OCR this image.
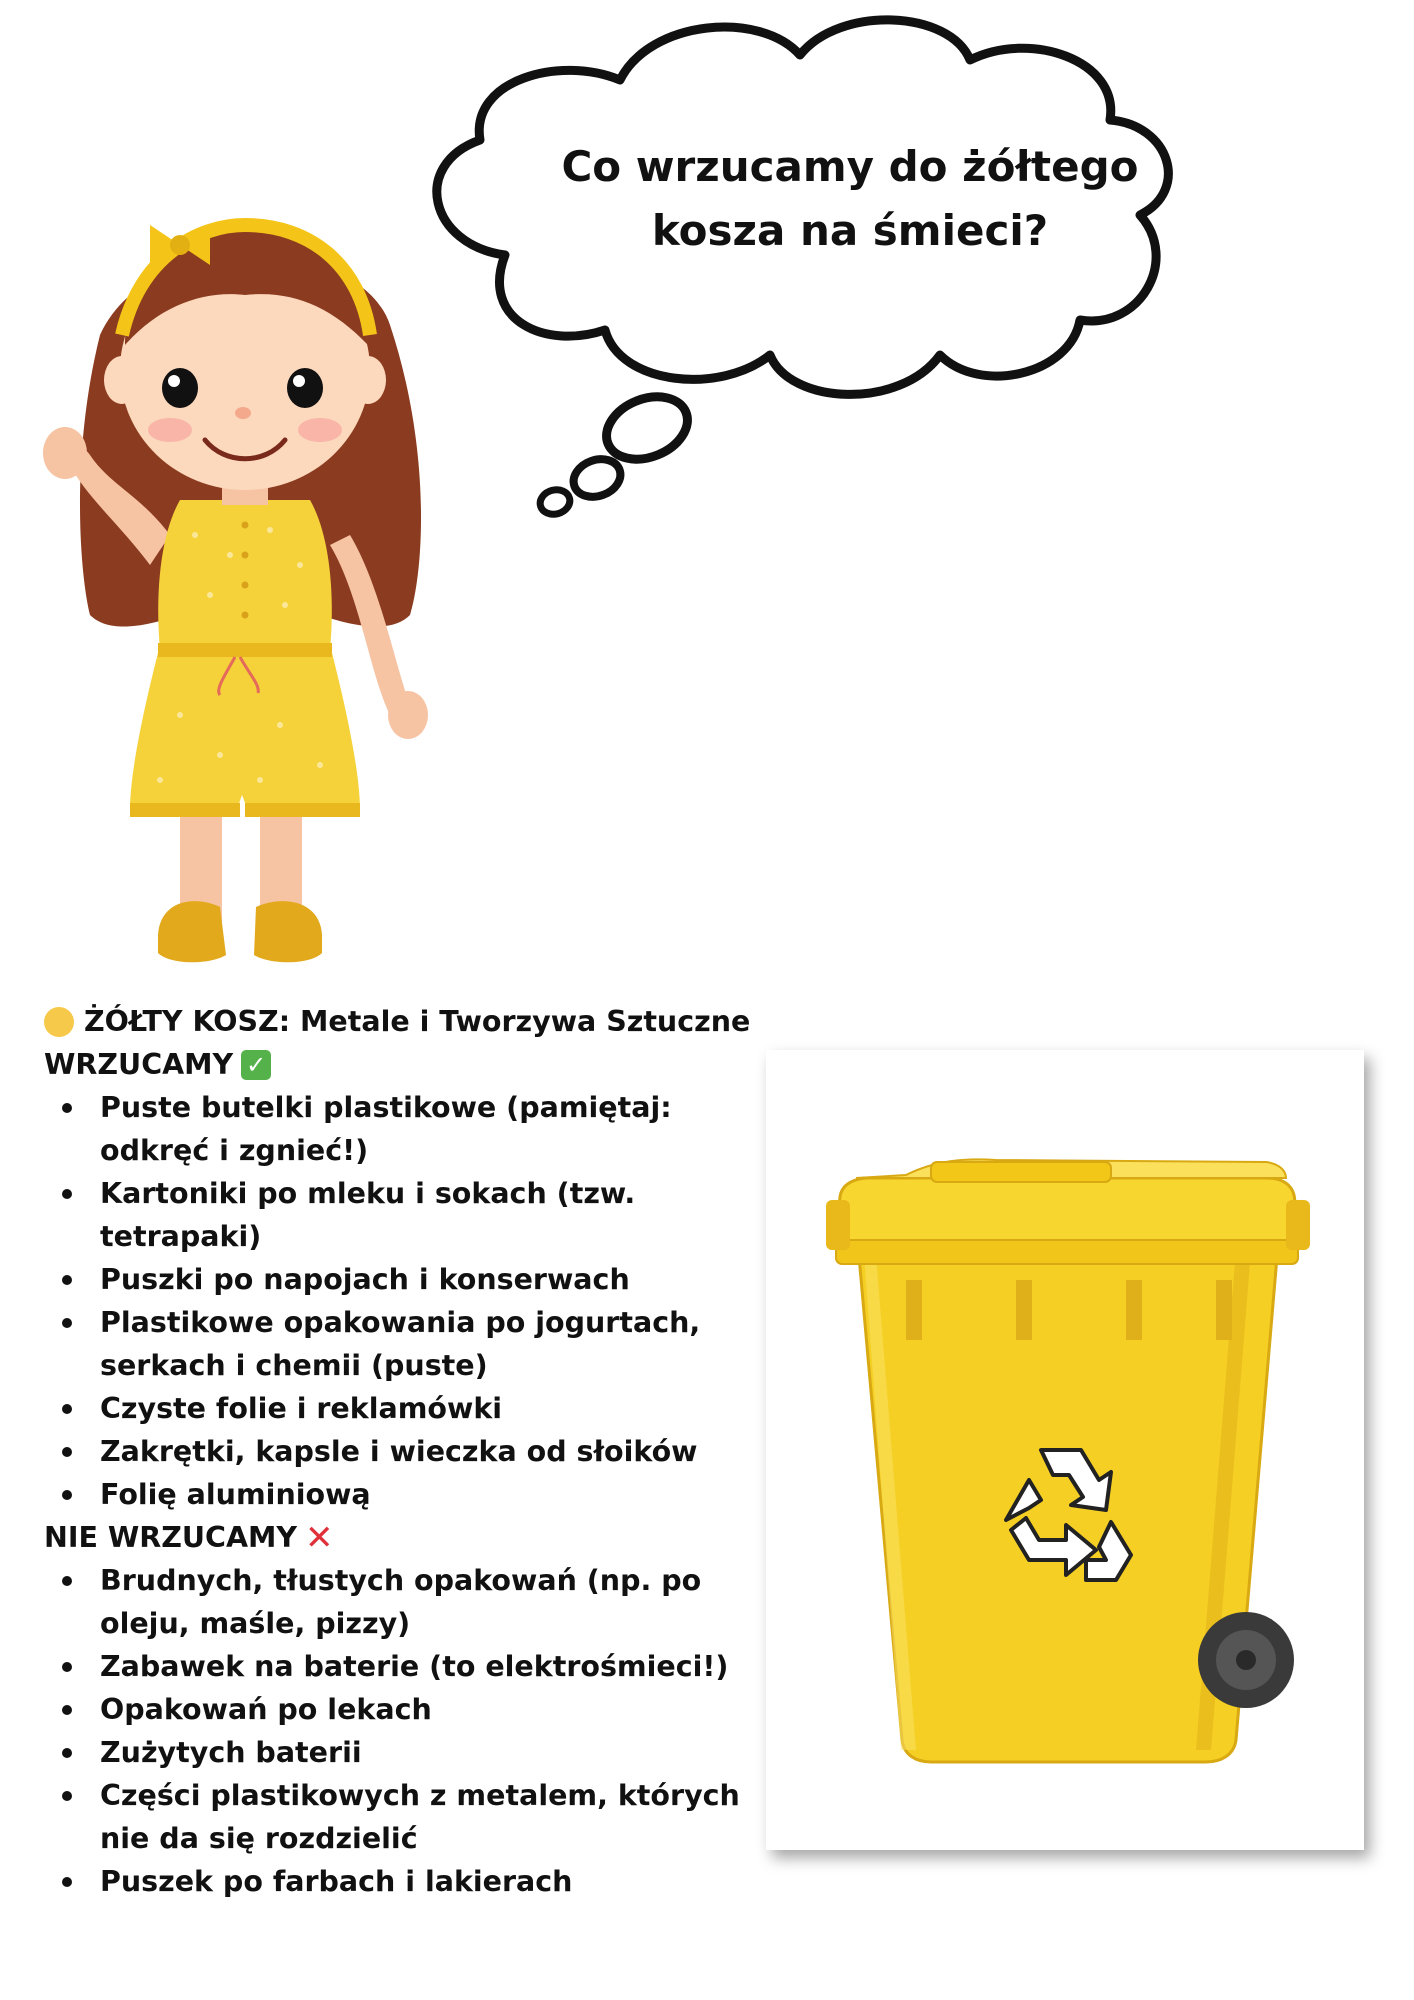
Co wrzucamy do żółtego
kosza na śmieci?
ŻÓŁTY KOSZ: Metale i Tworzywa Sztuczne
WRZUCAMY ✓
Puste butelki plastikowe (pamiętaj:
odkręć i zgnieć!)
Kartoniki po mleku i sokach (tzw.
tetrapaki)
Puszki po napojach i konserwach
Plastikowe opakowania po jogurtach,
serkach i chemii (puste)
Czyste folie i reklamówki
Zakrętki, kapsle i wieczka od słoików
Folię aluminiową
NIE WRZUCAMY ✕
Brudnych, tłustych opakowań (np. po
oleju, maśle, pizzy)
Zabawek na baterie (to elektrośmieci!)
Opakowań po lekach
Zużytych baterii
Części plastikowych z metalem, których
nie da się rozdzielić
Puszek po farbach i lakierach
